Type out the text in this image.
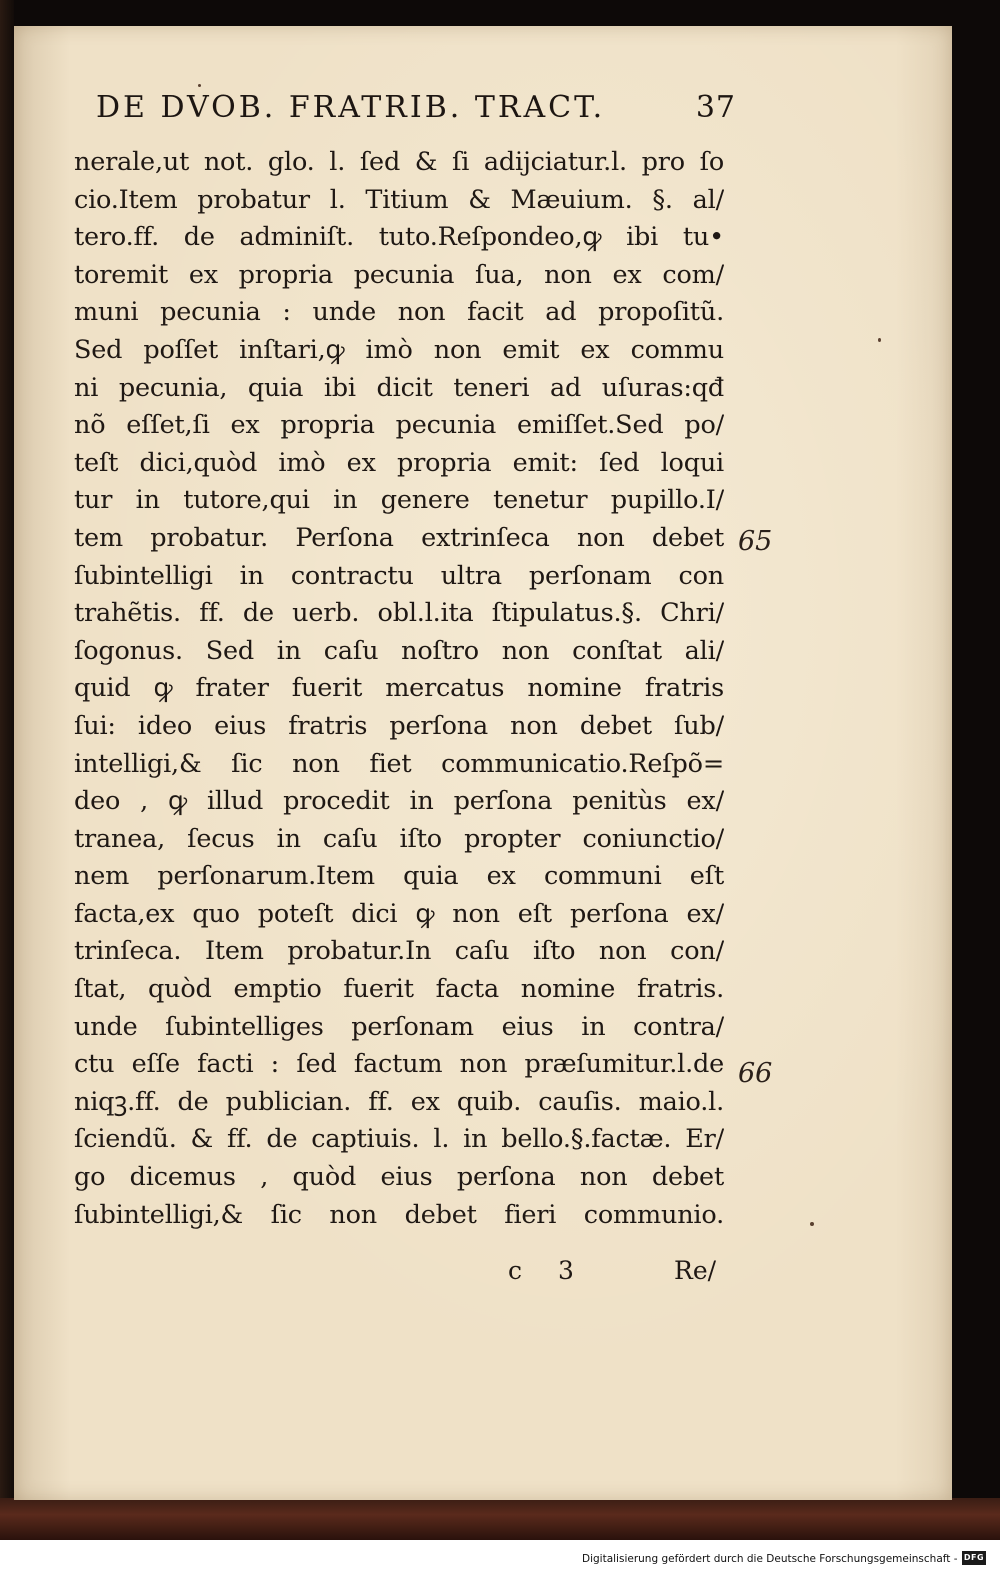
DE DVOB. FRATRIB. TRACT.	37
nerale,ut not. glo. l. ſed & ſi adijciatur.l. pro ſo
cio.Item probatur l. Titium & Mæuium. §. al/
tero.ff. de adminiſt. tuto.Reſpondeo,ꝙ ibi tu•
toremit ex propria pecunia ſua, non ex com/
muni pecunia : unde non facit ad propoſitũ.
Sed poſſet inſtari,ꝙ imò non emit ex commu
ni pecunia, quia ibi dicit teneri ad uſuras:qđ
nõ eſſet,ſi ex propria pecunia emiſſet.Sed po/
teſt dici,quòd imò ex propria emit: ſed loqui
tur in tutore,qui in genere tenetur pupillo.I/
tem probatur. Perſona extrinſeca non debet
ſubintelligi in contractu ultra perſonam con
trahẽtis. ff. de uerb. obl.l.ita ſtipulatus.§. Chri/
ſogonus. Sed in caſu noſtro non conſtat ali/
quid ꝙ frater fuerit mercatus nomine fratris
ſui: ideo eius fratris perſona non debet ſub/
intelligi,& ſic non fiet communicatio.Reſpõ=
deo , ꝙ illud procedit in perſona penitùs ex/
tranea, ſecus in caſu iſto propter coniunctio/
nem perſonarum.Item quia ex communi eſt
facta,ex quo poteſt dici ꝙ non eſt perſona ex/
trinſeca. Item probatur.In caſu iſto non con/
ſtat, quòd emptio fuerit facta nomine fratris.
unde ſubintelliges perſonam eius in contra/
ctu eſſe facti : ſed factum non præſumitur.l.de
niqꝫ.ff. de publician. ff. ex quib. cauſis. maio.l.
ſciendũ. & ff. de captiuis. l. in bello.§.factæ. Er/
go dicemus , quòd eius perſona non debet
ſubintelligi,& ſic non debet fieri communio.
65
66
c 3	Re/
Digitalisierung gefördert durch die Deutsche Forschungsgemeinschaft - DFG
